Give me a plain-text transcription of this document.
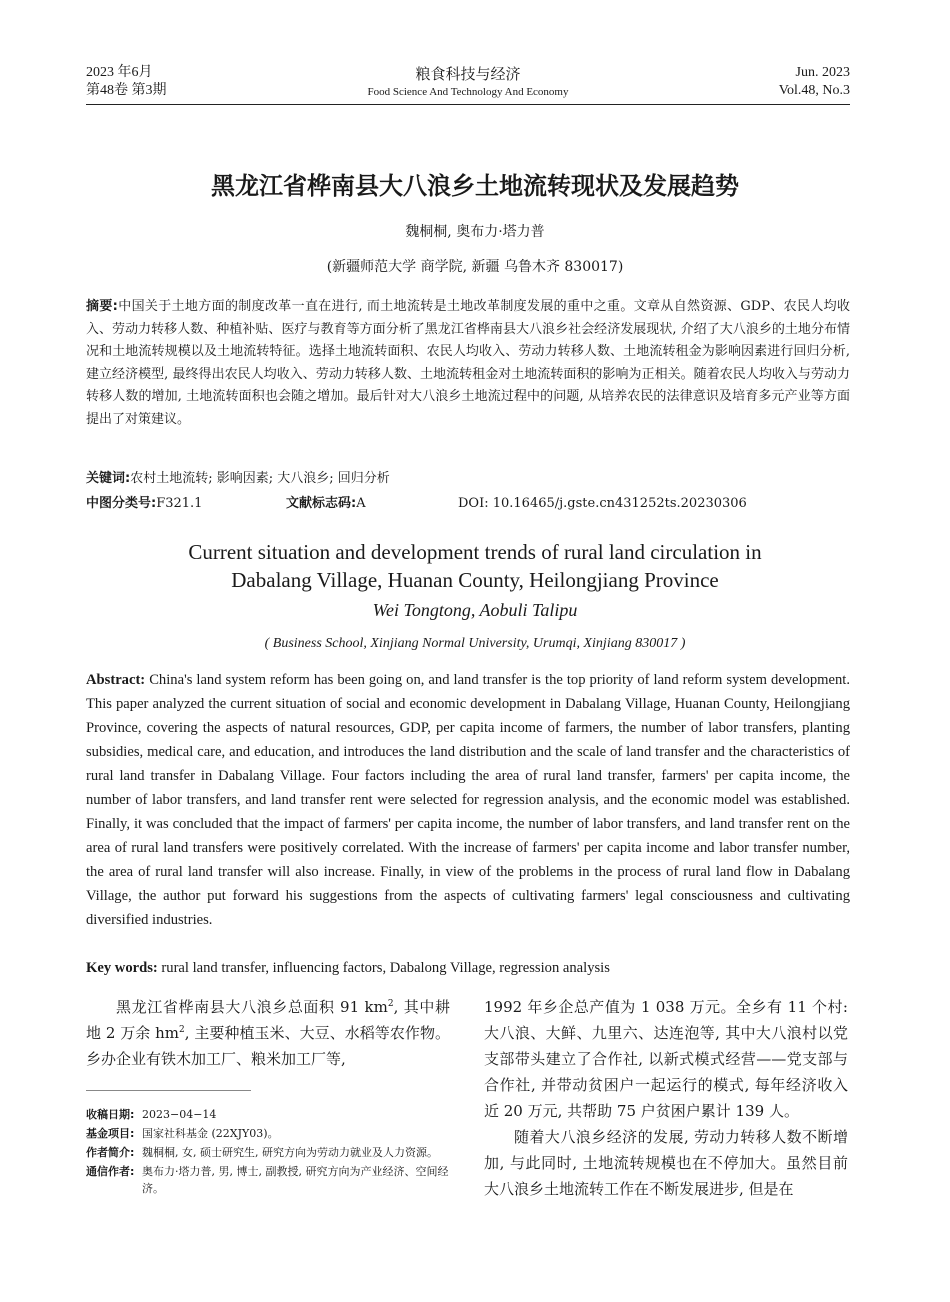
2023 年6月
第48卷 第3期
粮食科技与经济
Food Science And Technology And Economy
Jun. 2023
Vol.48, No.3
黑龙江省桦南县大八浪乡土地流转现状及发展趋势
魏桐桐, 奥布力·塔力普
(新疆师范大学 商学院, 新疆 乌鲁木齐 830017)
摘要:中国关于土地方面的制度改革一直在进行, 而土地流转是土地改革制度发展的重中之重。文章从自然资源、GDP、农民人均收入、劳动力转移人数、种植补贴、医疗与教育等方面分析了黑龙江省桦南县大八浪乡社会经济发展现状, 介绍了大八浪乡的土地分布情况和土地流转规模以及土地流转特征。选择土地流转面积、农民人均收入、劳动力转移人数、土地流转租金为影响因素进行回归分析, 建立经济模型, 最终得出农民人均收入、劳动力转移人数、土地流转租金对土地流转面积的影响为正相关。随着农民人均收入与劳动力转移人数的增加, 土地流转面积也会随之增加。最后针对大八浪乡土地流过程中的问题, 从培养农民的法律意识及培育多元产业等方面提出了对策建议。
关键词:农村土地流转; 影响因素; 大八浪乡; 回归分析
中图分类号:F321.1	文献标志码:A	DOI: 10.16465/j.gste.cn431252ts.20230306
Current situation and development trends of rural land circulation in
Dabalang Village, Huanan County, Heilongjiang Province
Wei Tongtong, Aobuli Talipu
( Business School, Xinjiang Normal University, Urumqi, Xinjiang 830017 )
Abstract: China's land system reform has been going on, and land transfer is the top priority of land reform system development. This paper analyzed the current situation of social and economic development in Dabalang Village, Huanan County, Heilongjiang Province, covering the aspects of natural resources, GDP, per capita income of farmers, the number of labor transfers, planting subsidies, medical care, and education, and introduces the land distribution and the scale of land transfer and the characteristics of rural land transfer in Dabalang Village. Four factors including the area of rural land transfer, farmers' per capita income, the number of labor transfers, and land transfer rent were selected for regression analysis, and the economic model was established. Finally, it was concluded that the impact of farmers' per capita income, the number of labor transfers, and land transfer rent on the area of rural land transfers were positively correlated. With the increase of farmers' per capita income and labor transfer number, the area of rural land transfer will also increase. Finally, in view of the problems in the process of rural land flow in Dabalang Village, the author put forward his suggestions from the aspects of cultivating farmers' legal consciousness and cultivating diversified industries.
Key words: rural land transfer, influencing factors, Dabalong Village, regression analysis

黑龙江省桦南县大八浪乡总面积 91 $km^2$, 其中耕地 2 万余 $hm^2$, 主要种植玉米、大豆、水稻等农作物。乡办企业有铁木加工厂、粮米加工厂等,

收稿日期: 2023−04−14
基金项目: 国家社科基金 (22XJY03)。
作者简介: 魏桐桐, 女, 硕士研究生, 研究方向为劳动力就业及人力资源。
通信作者: 奥布力·塔力普, 男, 博士, 副教授, 研究方向为产业经济、空间经济。

1992 年乡企总产值为 1 038 万元。全乡有 11 个村: 大八浪、大鲜、九里六、达连泡等, 其中大八浪村以党支部带头建立了合作社, 以新式模式经营——党支部与合作社, 并带动贫困户一起运行的模式, 每年经济收入近 20 万元, 共帮助 75 户贫困户累计 139 人。

随着大八浪乡经济的发展, 劳动力转移人数不断增加, 与此同时, 土地流转规模也在不停加大。虽然目前大八浪乡土地流转工作在不断发展进步, 但是在
